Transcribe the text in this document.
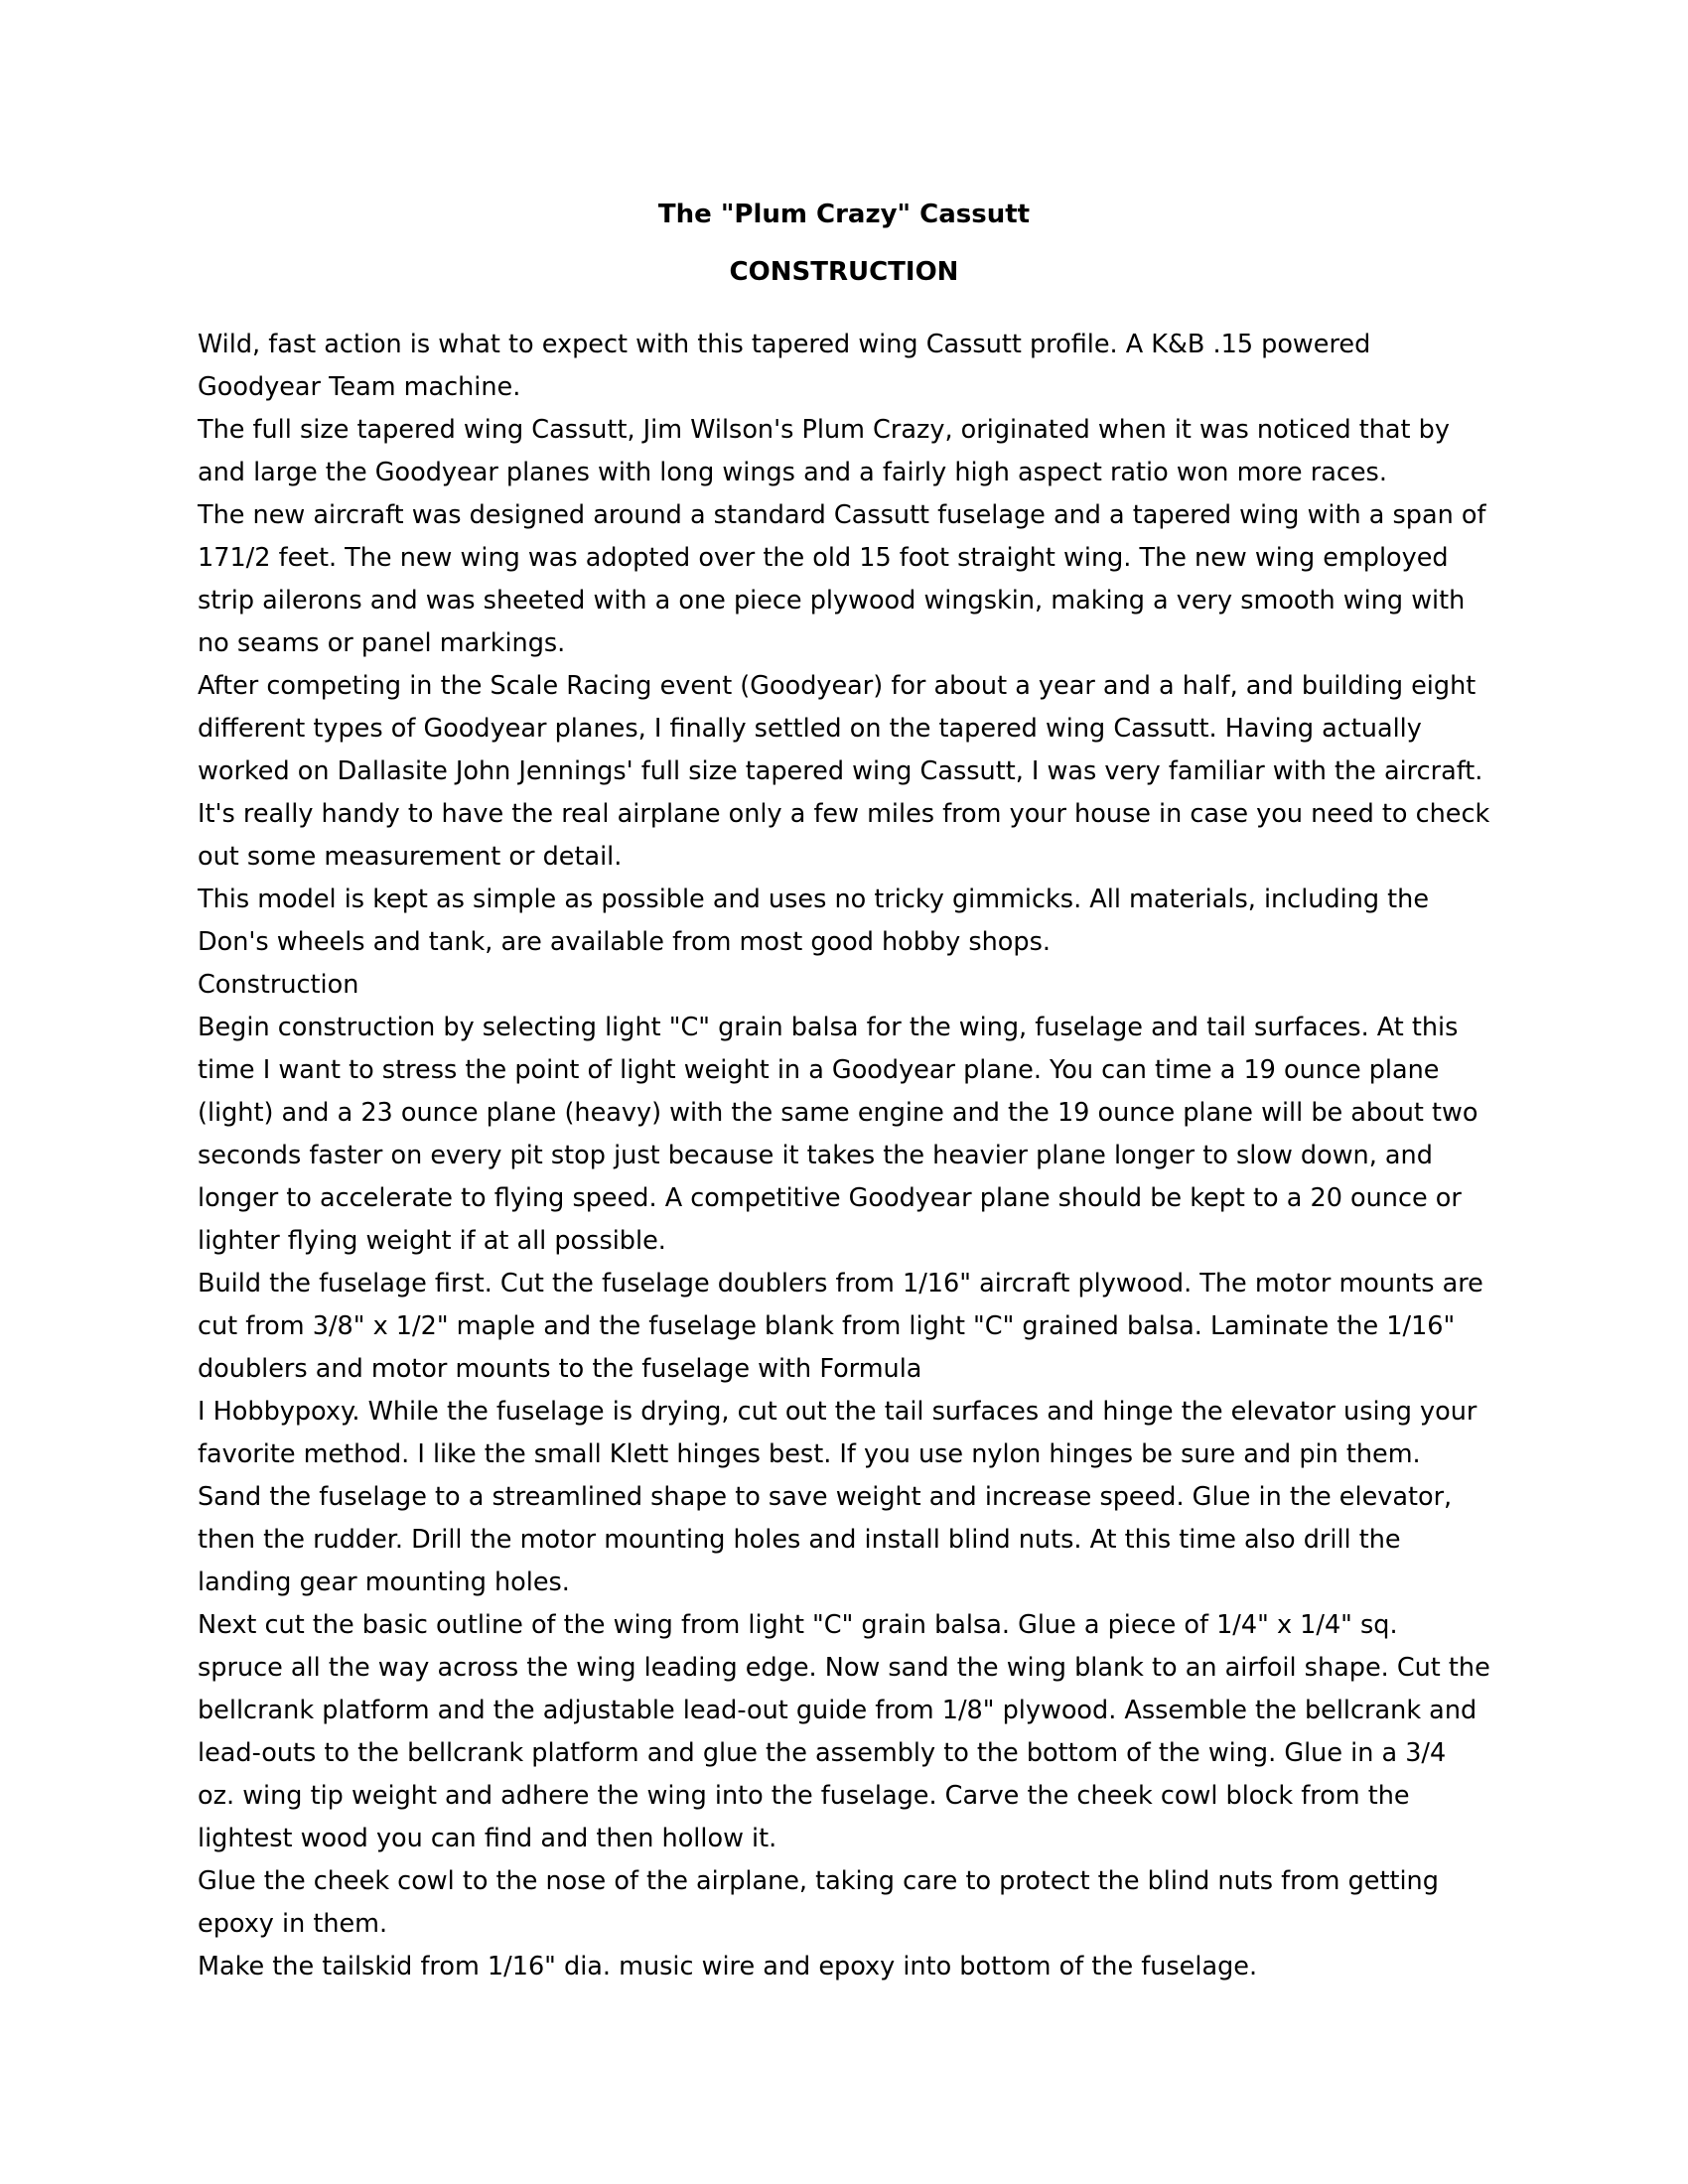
The "Plum Crazy" Cassutt
CONSTRUCTION

Wild, fast action is what to expect with this tapered wing Cassutt profile. A K&B .15 powered Goodyear Team machine.

The full size tapered wing Cassutt, Jim Wilson's Plum Crazy, originated when it was noticed that by and large the Goodyear planes with long wings and a fairly high aspect ratio won more races.

The new aircraft was designed around a standard Cassutt fuselage and a tapered wing with a span of 171/2 feet. The new wing was adopted over the old 15 foot straight wing. The new wing employed strip ailerons and was sheeted with a one piece plywood wingskin, making a very smooth wing with no seams or panel markings.

After competing in the Scale Racing event (Goodyear) for about a year and a half, and building eight different types of Goodyear planes, I finally settled on the tapered wing Cassutt. Having actually worked on Dallasite John Jennings' full size tapered wing Cassutt, I was very familiar with the aircraft. It's really handy to have the real airplane only a few miles from your house in case you need to check out some measurement or detail.

This model is kept as simple as possible and uses no tricky gimmicks. All materials, including the Don's wheels and tank, are available from most good hobby shops.

Construction

Begin construction by selecting light "C" grain balsa for the wing, fuselage and tail surfaces. At this time I want to stress the point of light weight in a Goodyear plane. You can time a 19 ounce plane (light) and a 23 ounce plane (heavy) with the same engine and the 19 ounce plane will be about two seconds faster on every pit stop just because it takes the heavier plane longer to slow down, and longer to accelerate to flying speed. A competitive Goodyear plane should be kept to a 20 ounce or lighter flying weight if at all possible.

Build the fuselage first. Cut the fuselage doublers from 1/16" aircraft plywood. The motor mounts are cut from 3/8" x 1/2" maple and the fuselage blank from light "C" grained balsa. Laminate the 1/16" doublers and motor mounts to the fuselage with Formula

I Hobbypoxy. While the fuselage is drying, cut out the tail surfaces and hinge the elevator using your favorite method. I like the small Klett hinges best. If you use nylon hinges be sure and pin them.

Sand the fuselage to a streamlined shape to save weight and increase speed. Glue in the elevator, then the rudder. Drill the motor mounting holes and install blind nuts. At this time also drill the landing gear mounting holes.

Next cut the basic outline of the wing from light "C" grain balsa. Glue a piece of 1/4" x 1/4" sq. spruce all the way across the wing leading edge. Now sand the wing blank to an airfoil shape. Cut the bellcrank platform and the adjustable lead-out guide from 1/8" plywood. Assemble the bellcrank and lead-outs to the bellcrank platform and glue the assembly to the bottom of the wing. Glue in a 3/4 oz. wing tip weight and adhere the wing into the fuselage. Carve the cheek cowl block from the lightest wood you can find and then hollow it.

Glue the cheek cowl to the nose of the airplane, taking care to protect the blind nuts from getting epoxy in them.

Make the tailskid from 1/16" dia. music wire and epoxy into bottom of the fuselage.
